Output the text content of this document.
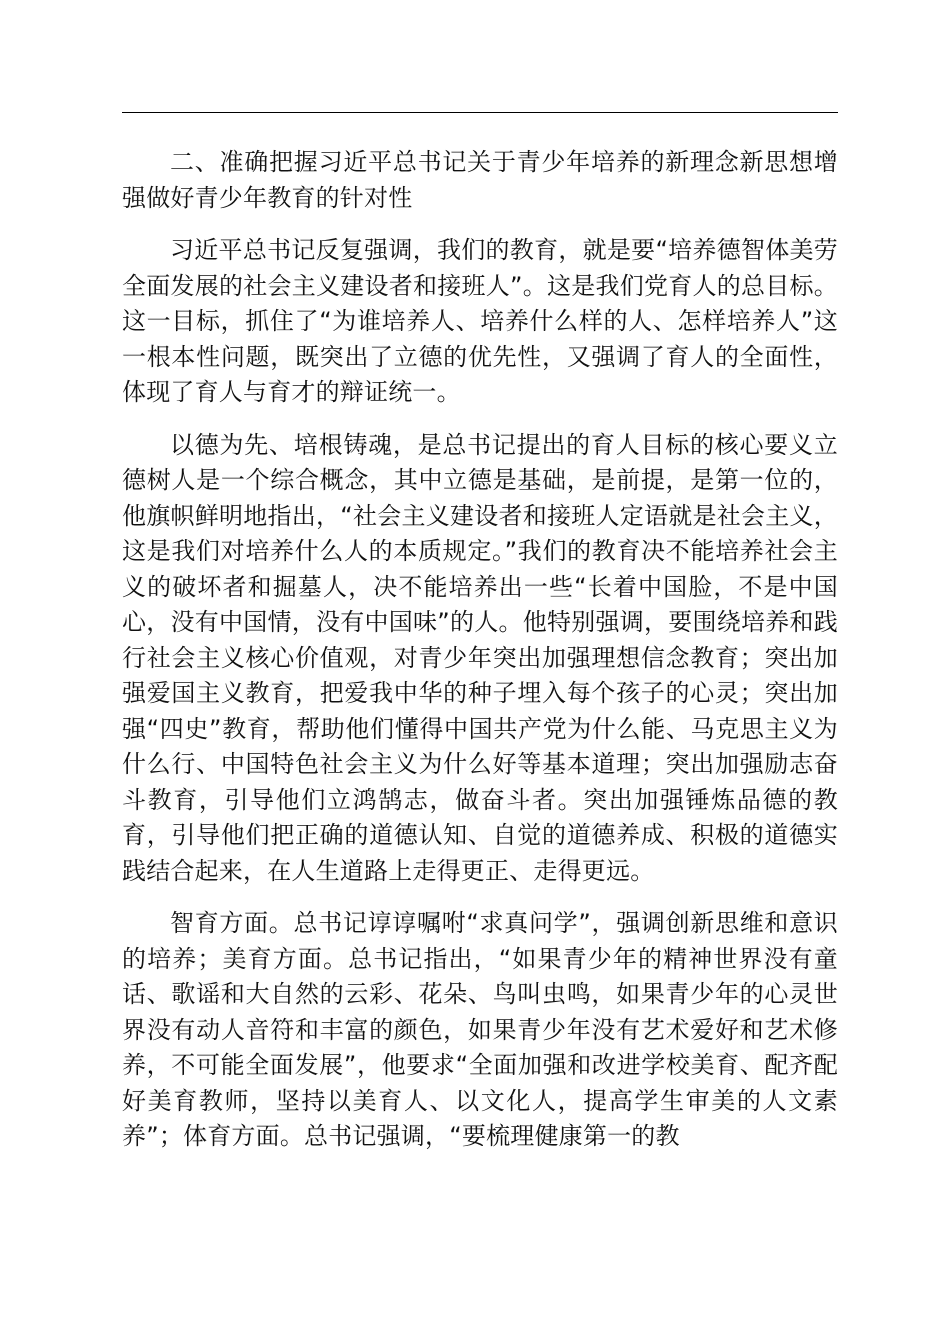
二、准确把握习近平总书记关于青少年培养的新理念新思想增强做好青少年教育的针对性

习近平总书记反复强调，我们的教育，就是要“培养德智体美劳全面发展的社会主义建设者和接班人”。这是我们党育人的总目标。这一目标，抓住了“为谁培养人、培养什么样的人、怎样培养人”这一根本性问题，既突出了立德的优先性，又强调了育人的全面性，体现了育人与育才的辩证统一。

以德为先、培根铸魂，是总书记提出的育人目标的核心要义立德树人是一个综合概念，其中立德是基础，是前提，是第一位的，他旗帜鲜明地指出，“社会主义建设者和接班人定语就是社会主义，这是我们对培养什么人的本质规定。”我们的教育决不能培养社会主义的破坏者和掘墓人，决不能培养出一些“长着中国脸，不是中国心，没有中国情，没有中国味”的人。他特别强调，要围绕培养和践行社会主义核心价值观，对青少年突出加强理想信念教育；突出加强爱国主义教育，把爱我中华的种子埋入每个孩子的心灵；突出加强“四史”教育，帮助他们懂得中国共产党为什么能、马克思主义为什么行、中国特色社会主义为什么好等基本道理；突出加强励志奋斗教育，引导他们立鸿鹄志，做奋斗者。突出加强锤炼品德的教育，引导他们把正确的道德认知、自觉的道德养成、积极的道德实践结合起来，在人生道路上走得更正、走得更远。

智育方面。总书记谆谆嘱咐“求真问学”，强调创新思维和意识的培养；美育方面。总书记指出，“如果青少年的精神世界没有童话、歌谣和大自然的云彩、花朵、鸟叫虫鸣，如果青少年的心灵世界没有动人音符和丰富的颜色，如果青少年没有艺术爱好和艺术修养，不可能全面发展”，他要求“全面加强和改进学校美育、配齐配好美育教师，坚持以美育人、以文化人，提高学生审美的人文素养”；体育方面。总书记强调，“要梳理健康第一的教
